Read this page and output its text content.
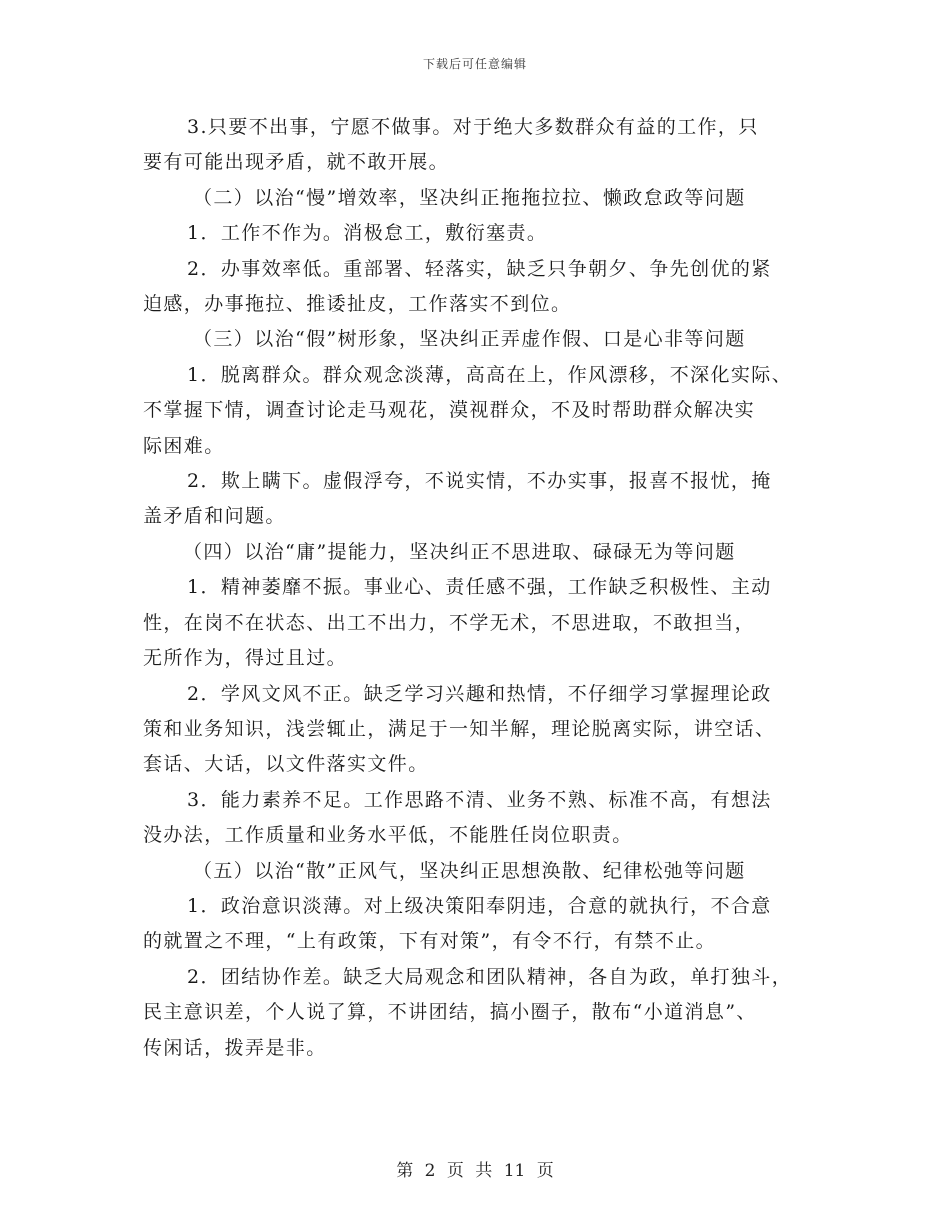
下载后可任意编辑

3.只要不出事，宁愿不做事。对于绝大多数群众有益的工作，只

要有可能出现矛盾，就不敢开展。

（二）以治“慢”增效率，坚决纠正拖拖拉拉、懒政怠政等问题

1．工作不作为。消极怠工，敷衍塞责。

2．办事效率低。重部署、轻落实，缺乏只争朝夕、争先创优的紧

迫感，办事拖拉、推诿扯皮，工作落实不到位。

（三）以治“假”树形象，坚决纠正弄虚作假、口是心非等问题

1．脱离群众。群众观念淡薄，高高在上，作风漂移，不深化实际、

不掌握下情，调查讨论走马观花，漠视群众，不及时帮助群众解决实

际困难。

2．欺上瞒下。虚假浮夸，不说实情，不办实事，报喜不报忧，掩

盖矛盾和问题。

（四）以治“庸”提能力，坚决纠正不思进取、碌碌无为等问题

1．精神萎靡不振。事业心、责任感不强，工作缺乏积极性、主动

性，在岗不在状态、出工不出力，不学无术，不思进取，不敢担当，

无所作为，得过且过。

2．学风文风不正。缺乏学习兴趣和热情，不仔细学习掌握理论政

策和业务知识，浅尝辄止，满足于一知半解，理论脱离实际，讲空话、

套话、大话，以文件落实文件。

3．能力素养不足。工作思路不清、业务不熟、标准不高，有想法

没办法，工作质量和业务水平低，不能胜任岗位职责。

（五）以治“散”正风气，坚决纠正思想涣散、纪律松弛等问题

1．政治意识淡薄。对上级决策阳奉阴违，合意的就执行，不合意

的就置之不理，“上有政策，下有对策”，有令不行，有禁不止。

2．团结协作差。缺乏大局观念和团队精神，各自为政，单打独斗，

民主意识差，个人说了算，不讲团结，搞小圈子，散布“小道消息”、

传闲话，拨弄是非。

第 2 页 共 11 页
